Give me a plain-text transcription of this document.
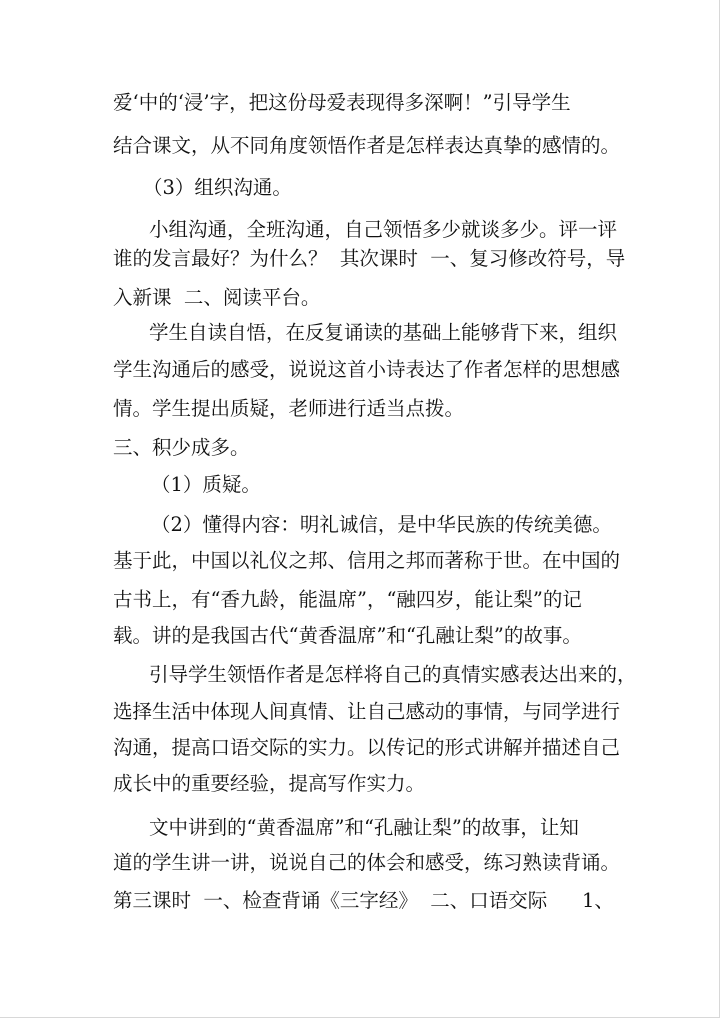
爱‘中的‘浸’字，把这份母爱表现得多深啊！”引导学生
结合课文，从不同角度领悟作者是怎样表达真挚的感情的。
（3）组织沟通。
小组沟通，全班沟通，自己领悟多少就谈多少。评一评
谁的发言最好？为什么？  其次课时  一、复习修改符号，导
入新课  二、阅读平台。
学生自读自悟，在反复诵读的基础上能够背下来，组织
学生沟通后的感受，说说这首小诗表达了作者怎样的思想感
情。学生提出质疑，老师进行适当点拨。
三、积少成多。
（1）质疑。
（2）懂得内容：明礼诚信，是中华民族的传统美德。
基于此，中国以礼仪之邦、信用之邦而著称于世。在中国的
古书上，有“香九龄，能温席”，“融四岁，能让梨”的记
载。讲的是我国古代“黄香温席”和“孔融让梨”的故事。
引导学生领悟作者是怎样将自己的真情实感表达出来的，
选择生活中体现人间真情、让自己感动的事情，与同学进行
沟通，提高口语交际的实力。以传记的形式讲解并描述自己
成长中的重要经验，提高写作实力。
文中讲到的“黄香温席”和“孔融让梨”的故事，让知
道的学生讲一讲，说说自己的体会和感受，练习熟读背诵。

第三课时  一、检查背诵《三字经》  二、口语交际

1、
